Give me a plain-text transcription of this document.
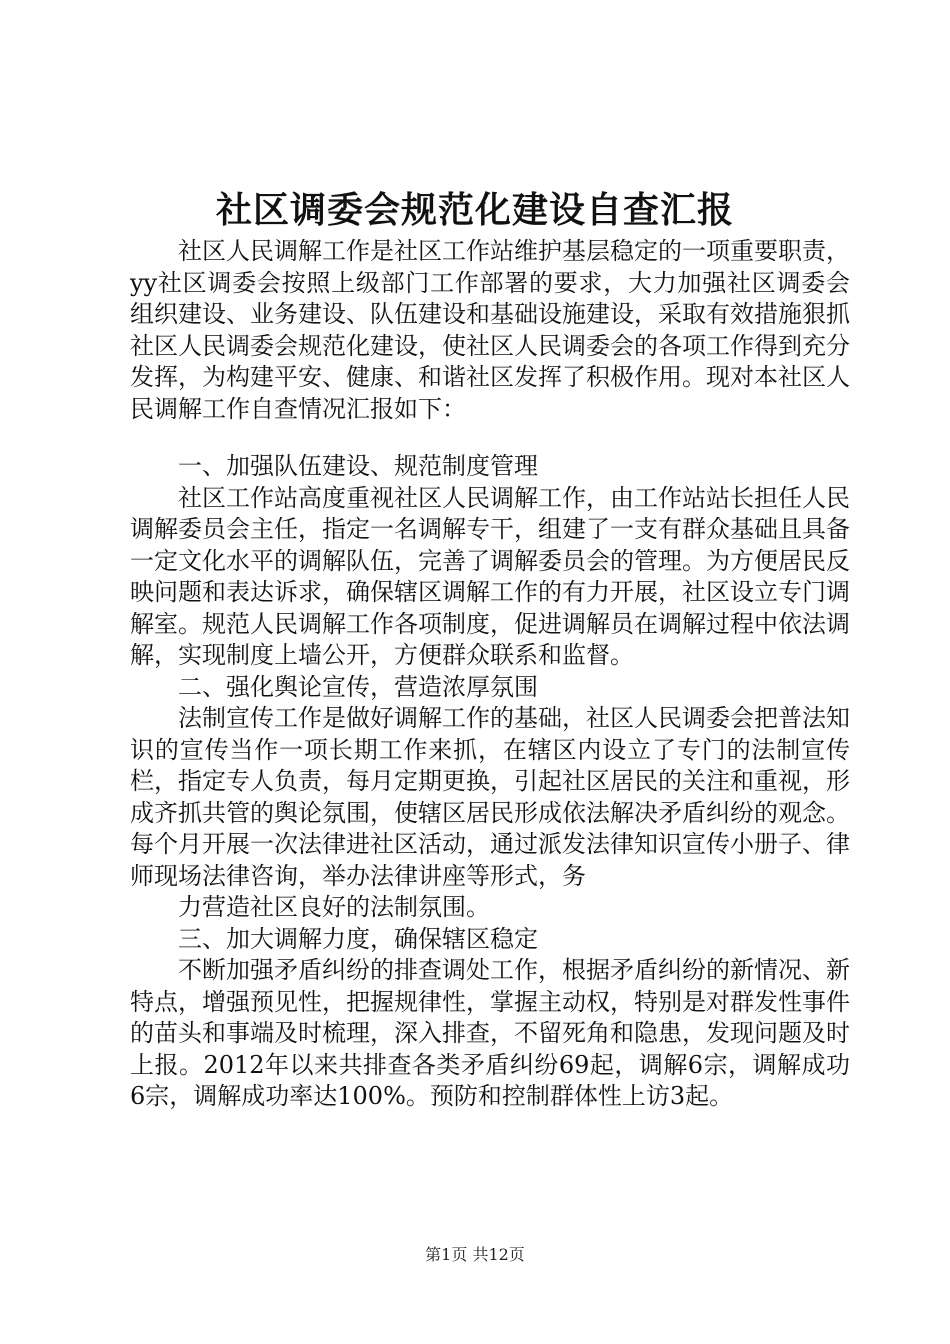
社区调委会规范化建设自查汇报

社区人民调解工作是社区工作站维护基层稳定的一项重要职责，yy社区调委会按照上级部门工作部署的要求，大力加强社区调委会组织建设、业务建设、队伍建设和基础设施建设，采取有效措施狠抓社区人民调委会规范化建设，使社区人民调委会的各项工作得到充分发挥，为构建平安、健康、和谐社区发挥了积极作用。现对本社区人民调解工作自查情况汇报如下：

一、加强队伍建设、规范制度管理

社区工作站高度重视社区人民调解工作，由工作站站长担任人民调解委员会主任，指定一名调解专干，组建了一支有群众基础且具备一定文化水平的调解队伍，完善了调解委员会的管理。为方便居民反映问题和表达诉求，确保辖区调解工作的有力开展，社区设立专门调解室。规范人民调解工作各项制度，促进调解员在调解过程中依法调解，实现制度上墙公开，方便群众联系和监督。

二、强化舆论宣传，营造浓厚氛围

法制宣传工作是做好调解工作的基础，社区人民调委会把普法知识的宣传当作一项长期工作来抓，在辖区内设立了专门的法制宣传栏，指定专人负责，每月定期更换，引起社区居民的关注和重视，形成齐抓共管的舆论氛围，使辖区居民形成依法解决矛盾纠纷的观念。每个月开展一次法律进社区活动，通过派发法律知识宣传小册子、律师现场法律咨询，举办法律讲座等形式，务

力营造社区良好的法制氛围。

三、加大调解力度，确保辖区稳定

不断加强矛盾纠纷的排查调处工作，根据矛盾纠纷的新情况、新特点，增强预见性，把握规律性，掌握主动权，特别是对群发性事件的苗头和事端及时梳理，深入排查，不留死角和隐患，发现问题及时上报。2012年以来共排查各类矛盾纠纷69起，调解6宗，调解成功6宗，调解成功率达100%。预防和控制群体性上访3起。

第1页 共12页
